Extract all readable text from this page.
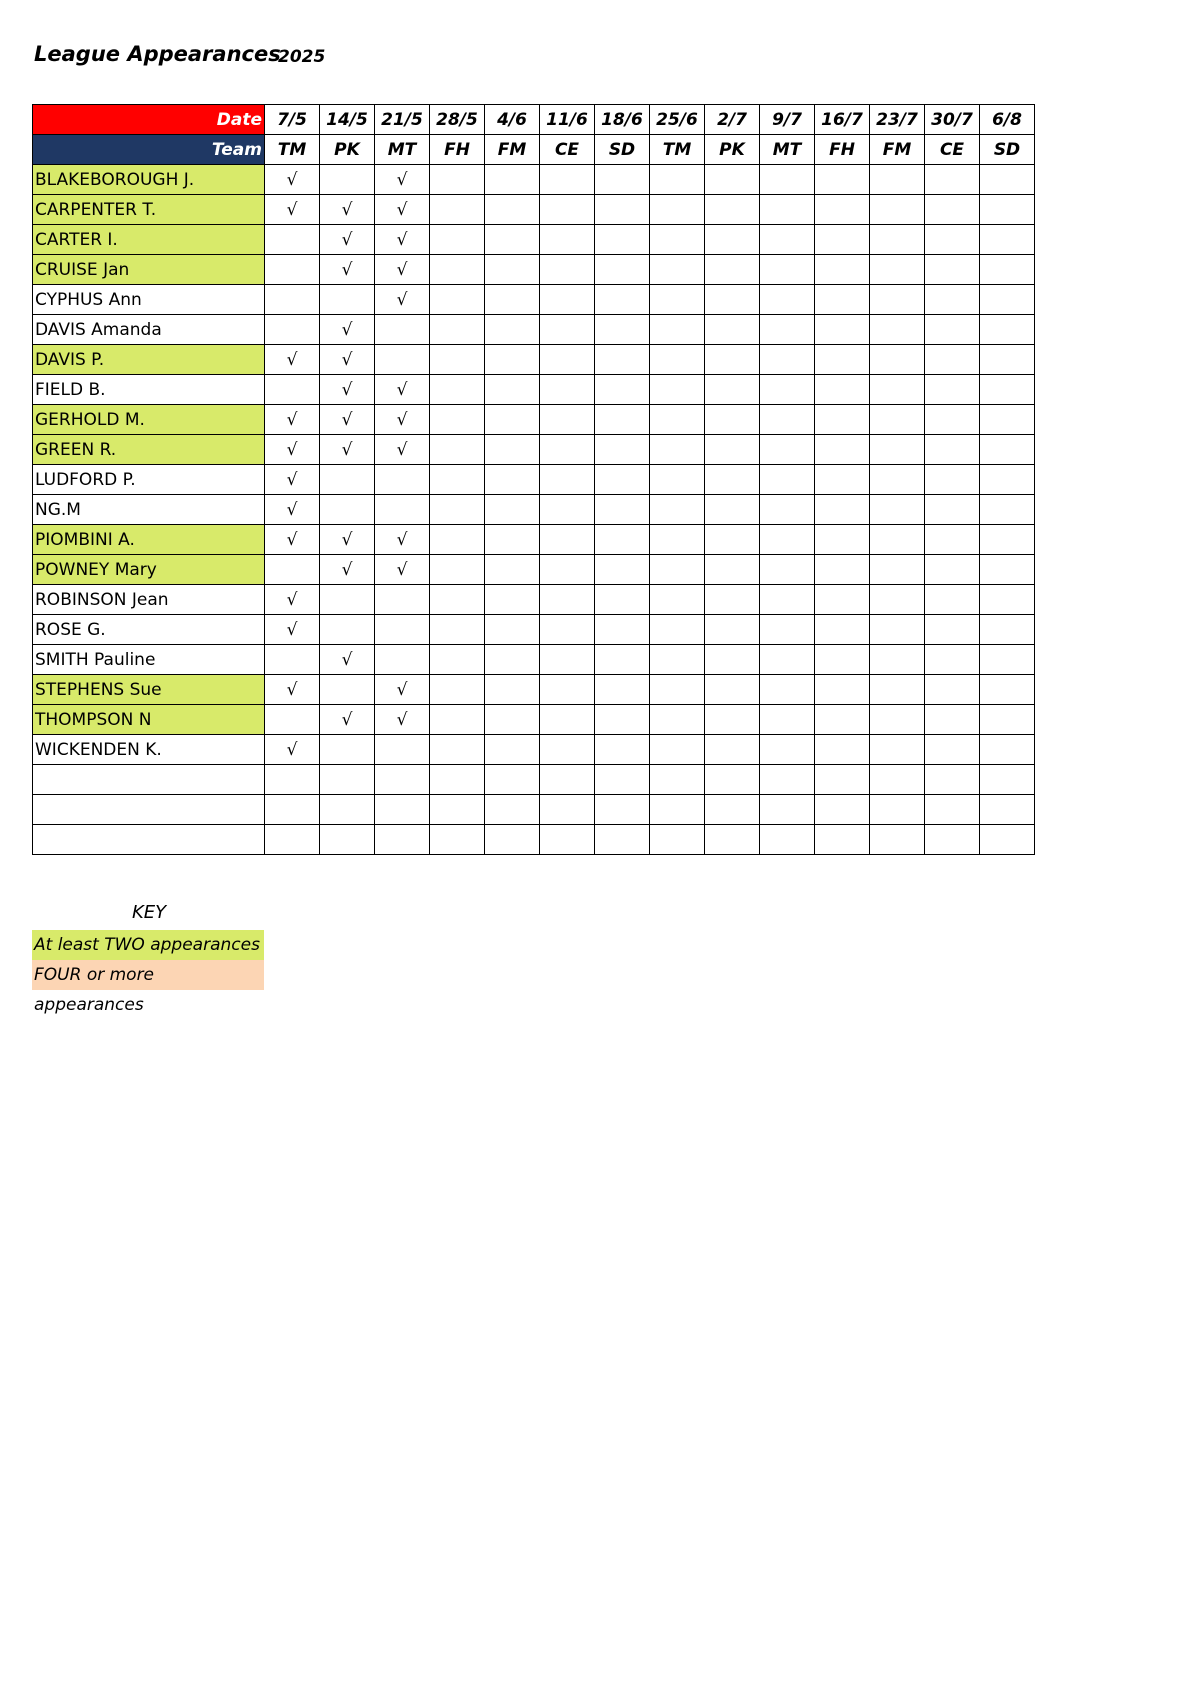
League Appearances
2025
Date	7/5	14/5	21/5	28/5	4/6	11/6	18/6	25/6	2/7	9/7	16/7	23/7	30/7	6/8
Team	TM	PK	MT	FH	FM	CE	SD	TM	PK	MT	FH	FM	CE	SD
BLAKEBOROUGH J.	√		√											
CARPENTER T.	√	√	√											
CARTER I.		√	√											
CRUISE Jan		√	√											
CYPHUS Ann			√											
DAVIS Amanda		√												
DAVIS P.	√	√												
FIELD B.		√	√											
GERHOLD M.	√	√	√											
GREEN R.	√	√	√											
LUDFORD P.	√													
NG.M	√													
PIOMBINI A.	√	√	√											
POWNEY Mary		√	√											
ROBINSON Jean	√													
ROSE G.	√													
SMITH Pauline		√												
STEPHENS Sue	√		√											
THOMPSON N		√	√											
WICKENDEN K.	√													

KEY
At least TWO appearances
FOUR or more appearances
